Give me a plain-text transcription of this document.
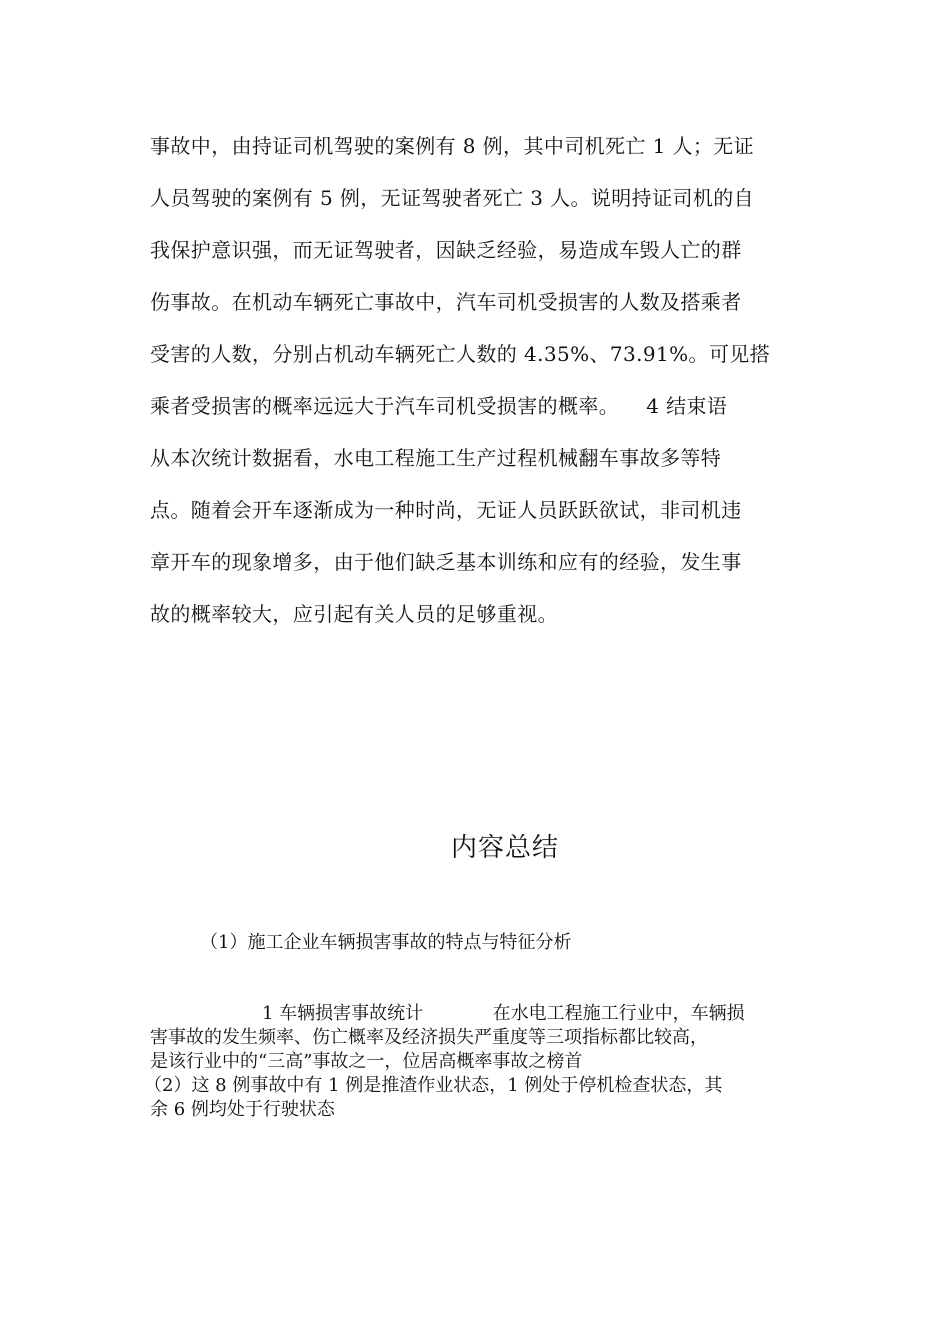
事故中，由持证司机驾驶的案例有 8 例，其中司机死亡 1 人；无证
人员驾驶的案例有 5 例，无证驾驶者死亡 3 人。说明持证司机的自
我保护意识强，而无证驾驶者，因缺乏经验，易造成车毁人亡的群
伤事故。在机动车辆死亡事故中，汽车司机受损害的人数及搭乘者
受害的人数，分别占机动车辆死亡人数的 4.35%、73.91%。可见搭
乘者受损害的概率远远大于汽车司机受损害的概率。    4 结束语
从本次统计数据看，水电工程施工生产过程机械翻车事故多等特
点。随着会开车逐渐成为一种时尚，无证人员跃跃欲试，非司机违
章开车的现象增多，由于他们缺乏基本训练和应有的经验，发生事
故的概率较大，应引起有关人员的足够重视。
内容总结
（1）施工企业车辆损害事故的特点与特征分析
1 车辆损害事故统计	在水电工程施工行业中，车辆损
害事故的发生频率、伤亡概率及经济损失严重度等三项指标都比较高，
是该行业中的“三高”事故之一，位居高概率事故之榜首
（2）这 8 例事故中有 1 例是推渣作业状态，1 例处于停机检查状态，其
余 6 例均处于行驶状态
